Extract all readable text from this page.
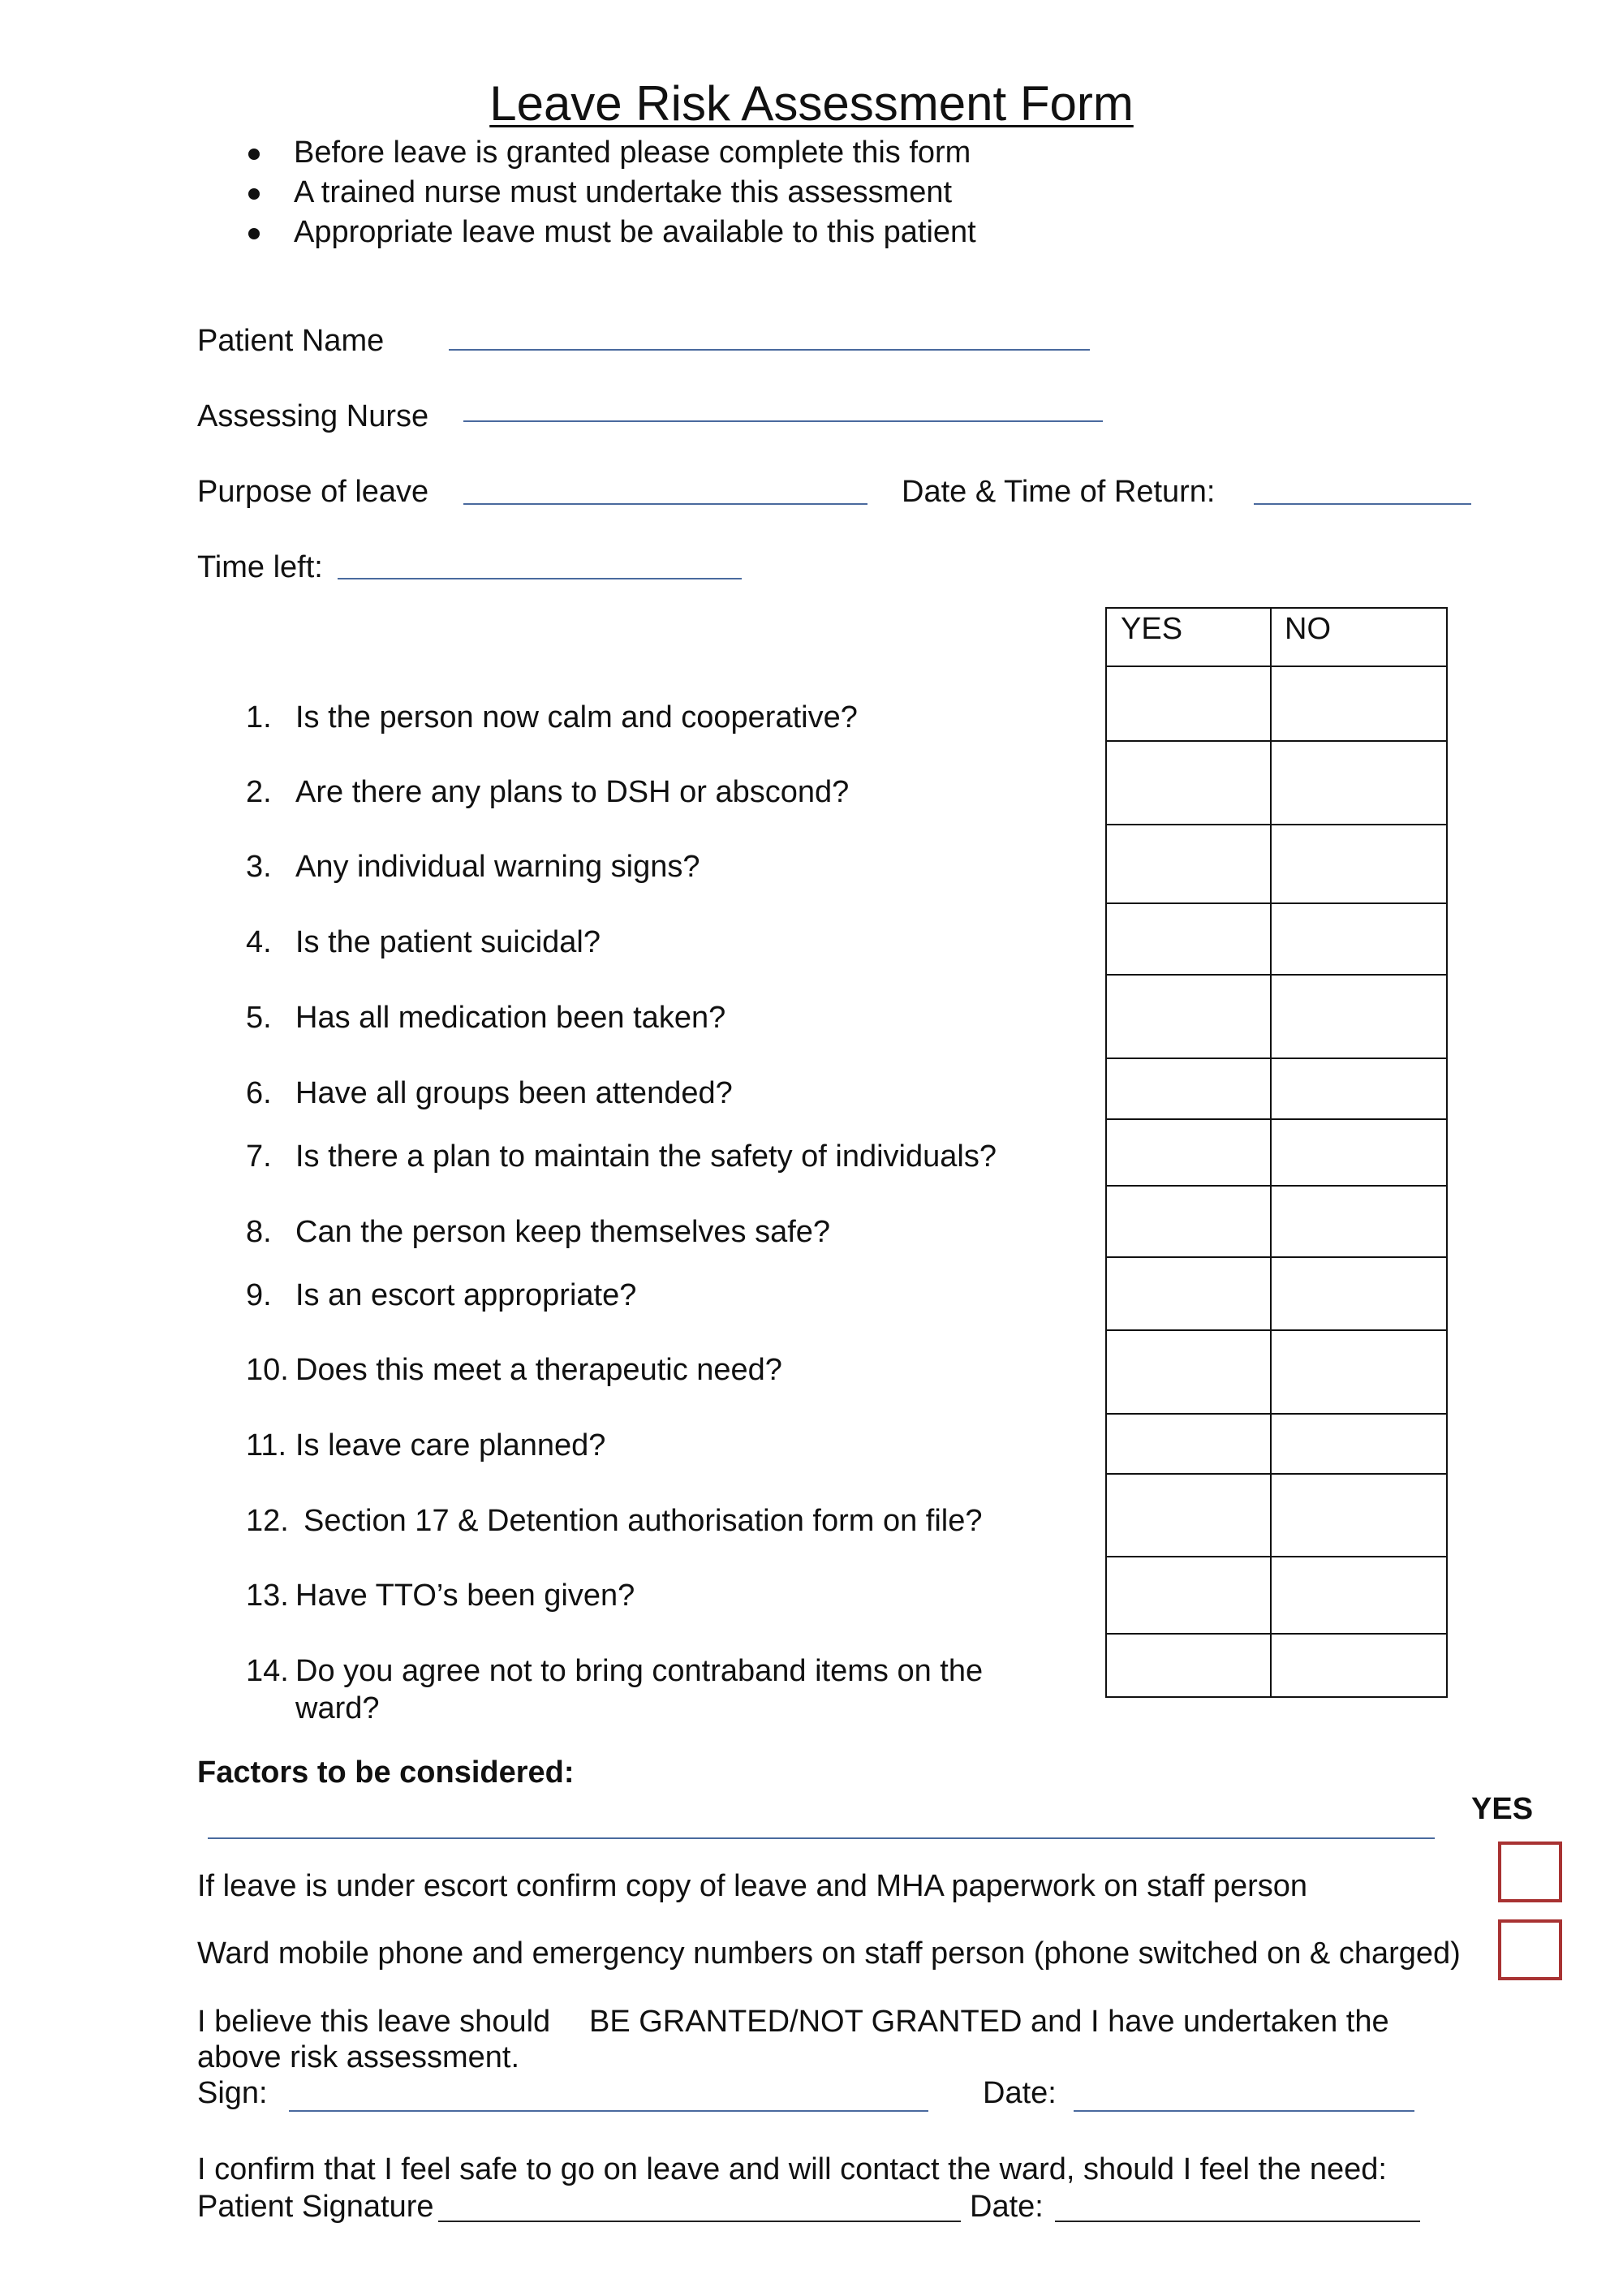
Leave Risk Assessment Form
Before leave is granted please complete this form
A trained nurse must undertake this assessment
Appropriate leave must be available to this patient
Patient Name
Assessing Nurse
Purpose of leave	Date & Time of Return:
Time left:
YES	NO
1. Is the person now calm and cooperative?
2. Are there any plans to DSH or abscond?
3. Any individual warning signs?
4. Is the patient suicidal?
5. Has all medication been taken?
6. Have all groups been attended?
7. Is there a plan to maintain the safety of individuals?
8. Can the person keep themselves safe?
9. Is an escort appropriate?
10. Does this meet a therapeutic need?
11. Is leave care planned?
12. Section 17 & Detention authorisation form on file?
13. Have TTO’s been given?
14. Do you agree not to bring contraband items on the
ward?
Factors to be considered:
YES
If leave is under escort confirm copy of leave and MHA paperwork on staff person
Ward mobile phone and emergency numbers on staff person (phone switched on & charged)
I believe this leave should BE GRANTED/NOT GRANTED and I have undertaken the
above risk assessment.
Sign:	Date:
I confirm that I feel safe to go on leave and will contact the ward, should I feel the need:
Patient Signature	Date:
